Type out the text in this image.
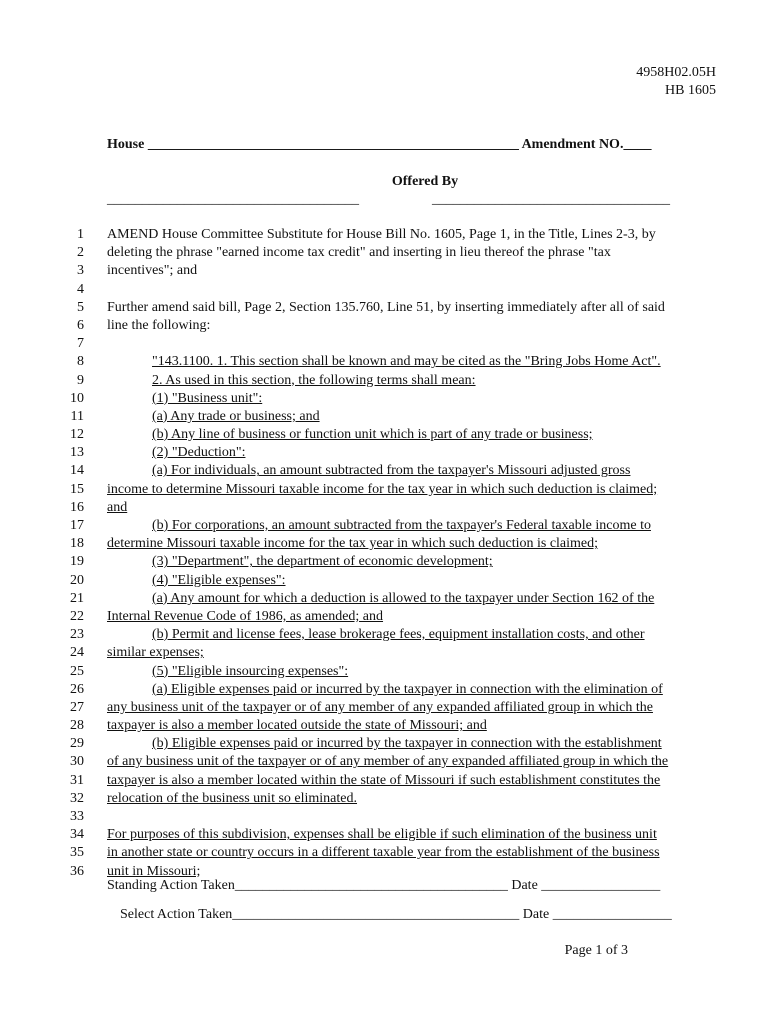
4958H02.05H
HB 1605
House _____________________________________________________ Amendment NO.____
Offered By
____________________________________	__________________________________
1 AMEND House Committee Substitute for House Bill No. 1605, Page 1, in the Title, Lines 2-3, by
2 deleting the phrase "earned income tax credit" and inserting in lieu thereof the phrase "tax
3 incentives"; and
4
5 Further amend said bill, Page 2, Section 135.760, Line 51, by inserting immediately after all of said
6 line the following:
7
8	"143.1100. 1. This section shall be known and may be cited as the "Bring Jobs Home Act".
9	2. As used in this section, the following terms shall mean:
10	(1) "Business unit":
11	(a) Any trade or business; and
12	(b) Any line of business or function unit which is part of any trade or business;
13	(2) "Deduction":
14	(a) For individuals, an amount subtracted from the taxpayer's Missouri adjusted gross
15 income to determine Missouri taxable income for the tax year in which such deduction is claimed;
16 and
17	(b) For corporations, an amount subtracted from the taxpayer's Federal taxable income to
18 determine Missouri taxable income for the tax year in which such deduction is claimed;
19	(3) "Department", the department of economic development;
20	(4) "Eligible expenses":
21	(a) Any amount for which a deduction is allowed to the taxpayer under Section 162 of the
22 Internal Revenue Code of 1986, as amended; and
23	(b) Permit and license fees, lease brokerage fees, equipment installation costs, and other
24 similar expenses;
25	(5) "Eligible insourcing expenses":
26	(a) Eligible expenses paid or incurred by the taxpayer in connection with the elimination of
27 any business unit of the taxpayer or of any member of any expanded affiliated group in which the
28 taxpayer is also a member located outside the state of Missouri; and
29	(b) Eligible expenses paid or incurred by the taxpayer in connection with the establishment
30 of any business unit of the taxpayer or of any member of any expanded affiliated group in which the
31 taxpayer is also a member located within the state of Missouri if such establishment constitutes the
32 relocation of the business unit so eliminated.
33
34 For purposes of this subdivision, expenses shall be eligible if such elimination of the business unit
35 in another state or country occurs in a different taxable year from the establishment of the business
36 unit in Missouri;
Standing Action Taken_______________________________________ Date _________________
Select Action Taken_________________________________________ Date _________________
Page 1 of 3
